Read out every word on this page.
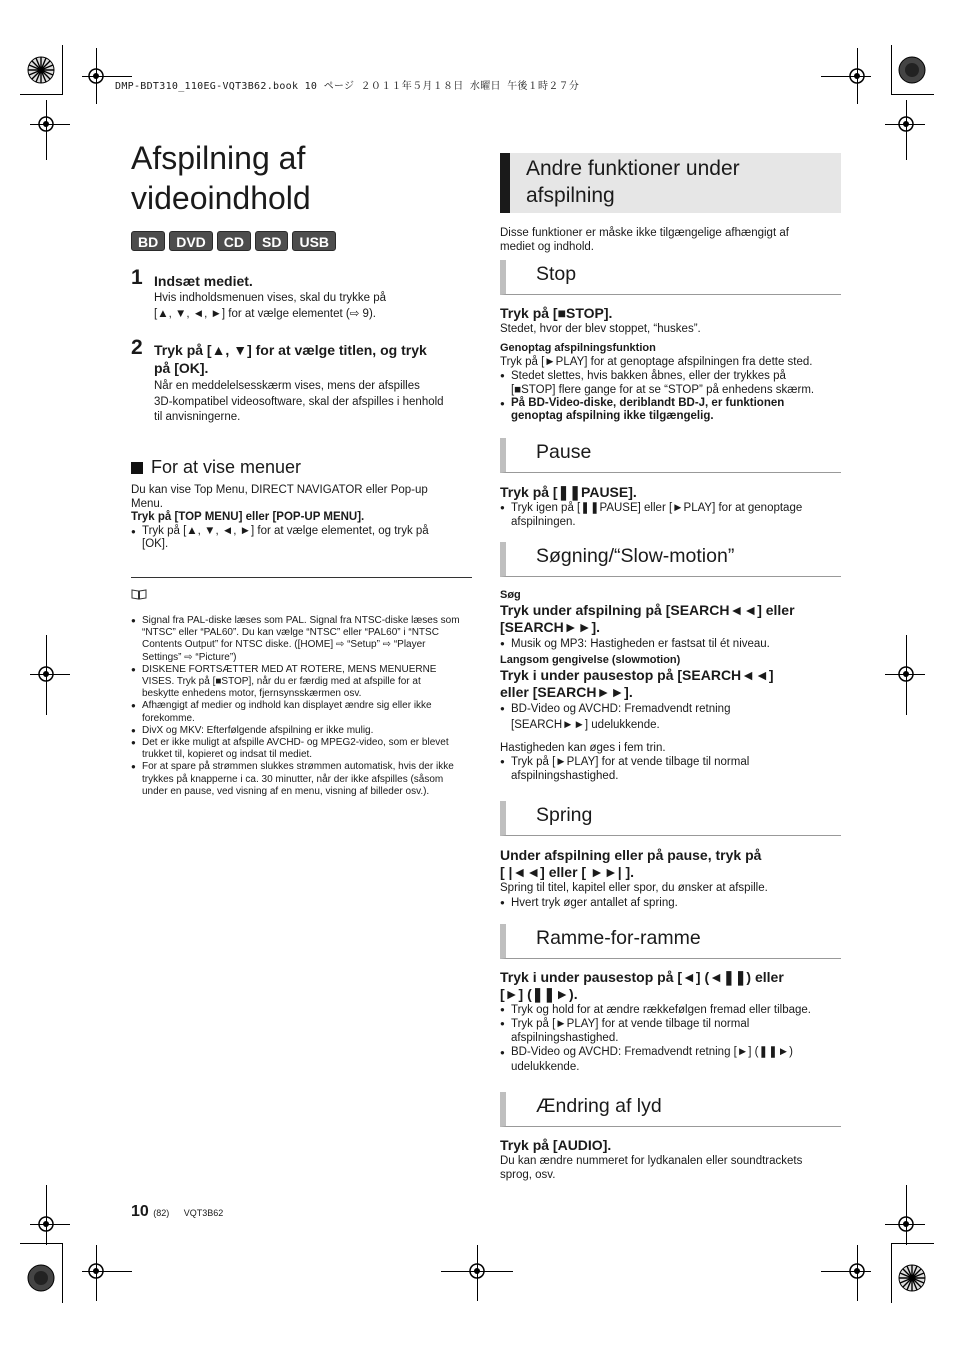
DMP-BDT310_110EG-VQT3B62.book 10 ページ ２０１１年５月１８日 水曜日 午後１時２７分
Afspilning af
videoindhold
BD	DVD	CD	SD	USB
1 Indsæt mediet.
Hvis indholdsmenuen vises, skal du trykke på
[▲, ▼, ◄, ►] for at vælge elementet (⇨ 9).
2 Tryk på [▲, ▼] for at vælge titlen, og tryk
på [OK].
Når en meddelelsesskærm vises, mens der afspilles
3D-kompatibel videosoftware, skal der afspilles i henhold
til anvisningerne.
For at vise menuer
Du kan vise Top Menu, DIRECT NAVIGATOR eller Pop-up
Menu.
Tryk på [TOP MENU] eller [POP-UP MENU].
● Tryk på [▲, ▼, ◄, ►] for at vælge elementet, og tryk på
[OK].
● Signal fra PAL-diske læses som PAL. Signal fra NTSC-diske læses som
“NTSC” eller “PAL60”. Du kan vælge “NTSC” eller “PAL60” i “NTSC
Contents Output” for NTSC diske. ([HOME] ⇨ “Setup” ⇨ “Player
Settings” ⇨ “Picture”)
● DISKENE FORTSÆTTER MED AT ROTERE, MENS MENUERNE
VISES. Tryk på [■STOP], når du er færdig med at afspille for at
beskytte enhedens motor, fjernsynsskærmen osv.
● Afhængigt af medier og indhold kan displayet ændre sig eller ikke
forekomme.
● DivX og MKV: Efterfølgende afspilning er ikke mulig.
● Det er ikke muligt at afspille AVCHD- og MPEG2-video, som er blevet
trukket til, kopieret og indsat til mediet.
● For at spare på strømmen slukkes strømmen automatisk, hvis der ikke
trykkes på knapperne i ca. 30 minutter, når der ikke afspilles (såsom
under en pause, ved visning af en menu, visning af billeder osv.).
Andre funktioner under
afspilning
Disse funktioner er måske ikke tilgængelige afhængigt af
mediet og indhold.
Stop
Tryk på [■STOP].
Stedet, hvor der blev stoppet, “huskes”.
Genoptag afspilningsfunktion
Tryk på [►PLAY] for at genoptage afspilningen fra dette sted.
● Stedet slettes, hvis bakken åbnes, eller der trykkes på
[■STOP] flere gange for at se “STOP” på enhedens skærm.
● På BD-Video-diske, deriblandt BD-J, er funktionen
genoptag afspilning ikke tilgængelig.
Pause
Tryk på [❚❚PAUSE].
● Tryk igen på [❚❚PAUSE] eller [►PLAY] for at genoptage
afspilningen.
Søgning/“Slow-motion”
Søg
Tryk under afspilning på [SEARCH◄◄] eller
[SEARCH►►].
● Musik og MP3: Hastigheden er fastsat til ét niveau.
Langsom gengivelse (slowmotion)
Tryk i under pausestop på [SEARCH◄◄]
eller [SEARCH►►].
● BD-Video og AVCHD: Fremadvendt retning
[SEARCH►►] udelukkende.
Hastigheden kan øges i fem trin.
● Tryk på [►PLAY] for at vende tilbage til normal
afspilningshastighed.
Spring
Under afspilning eller på pause, tryk på
[ |◄◄] eller [ ►►| ].
Spring til titel, kapitel eller spor, du ønsker at afspille.
● Hvert tryk øger antallet af spring.
Ramme-for-ramme
Tryk i under pausestop på [◄] (◄❚❚) eller
[►] (❚❚►).
● Tryk og hold for at ændre rækkefølgen fremad eller tilbage.
● Tryk på [►PLAY] for at vende tilbage til normal
afspilningshastighed.
● BD-Video og AVCHD: Fremadvendt retning [►] (❚❚►)
udelukkende.
Ændring af lyd
Tryk på [AUDIO].
Du kan ændre nummeret for lydkanalen eller soundtrackets
sprog, osv.
10 (82) VQT3B62
